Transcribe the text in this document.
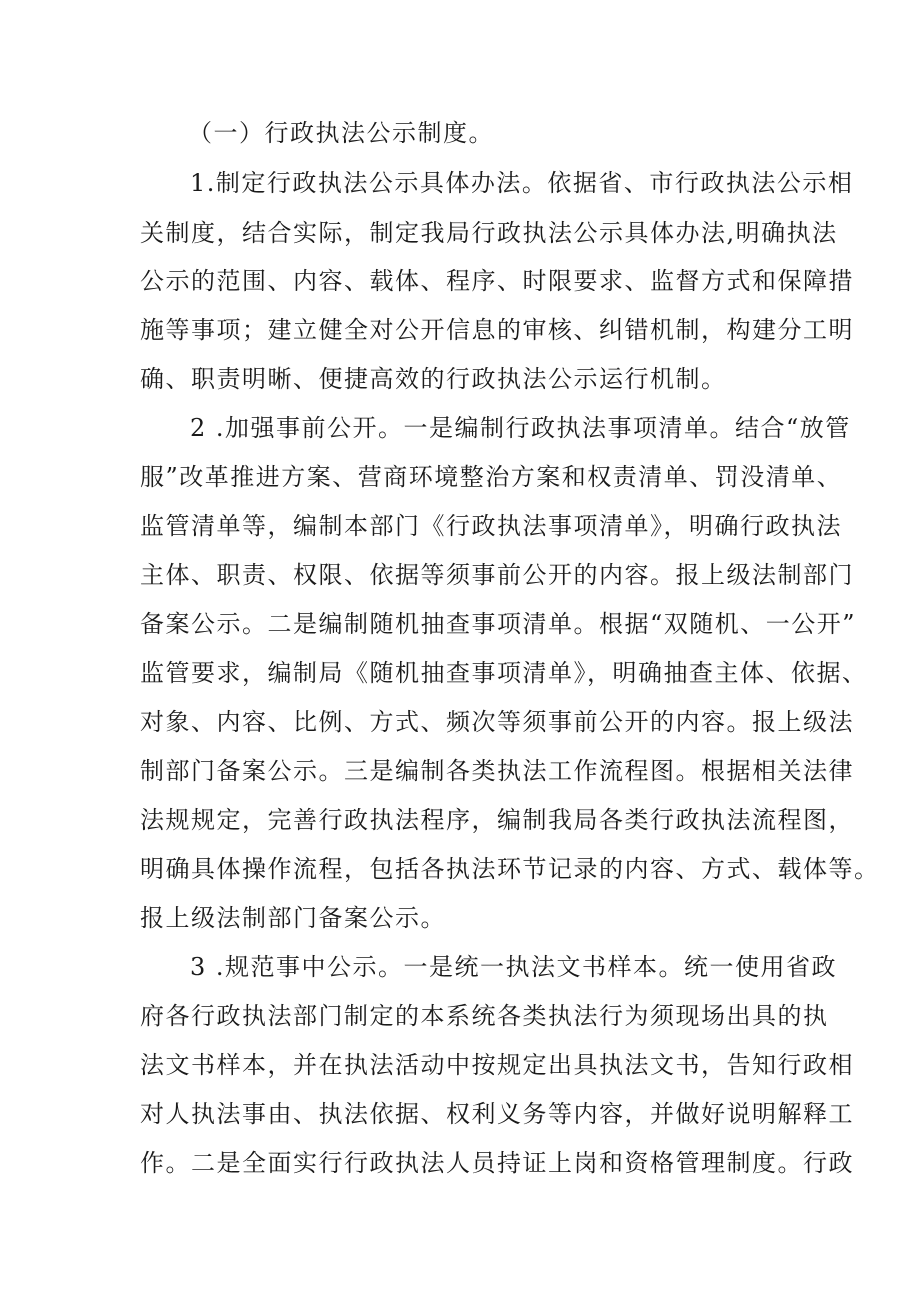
（一）行政执法公示制度。
1.制定行政执法公示具体办法。依据省、市行政执法公示相
关制度，结合实际，制定我局行政执法公示具体办法,明确执法
公示的范围、内容、载体、程序、时限要求、监督方式和保障措
施等事项；建立健全对公开信息的审核、纠错机制，构建分工明
确、职责明晰、便捷高效的行政执法公示运行机制。
2 .加强事前公开。一是编制行政执法事项清单。结合“放管
服”改革推进方案、营商环境整治方案和权责清单、罚没清单、
监管清单等，编制本部门《行政执法事项清单》，明确行政执法
主体、职责、权限、依据等须事前公开的内容。报上级法制部门
备案公示。二是编制随机抽查事项清单。根据“双随机、一公开”
监管要求，编制局《随机抽查事项清单》，明确抽查主体、依据、
对象、内容、比例、方式、频次等须事前公开的内容。报上级法
制部门备案公示。三是编制各类执法工作流程图。根据相关法律
法规规定，完善行政执法程序，编制我局各类行政执法流程图，
明确具体操作流程，包括各执法环节记录的内容、方式、载体等。
报上级法制部门备案公示。
3 .规范事中公示。一是统一执法文书样本。统一使用省政
府各行政执法部门制定的本系统各类执法行为须现场出具的执
法文书样本，并在执法活动中按规定出具执法文书，告知行政相
对人执法事由、执法依据、权利义务等内容，并做好说明解释工
作。二是全面实行行政执法人员持证上岗和资格管理制度。行政
